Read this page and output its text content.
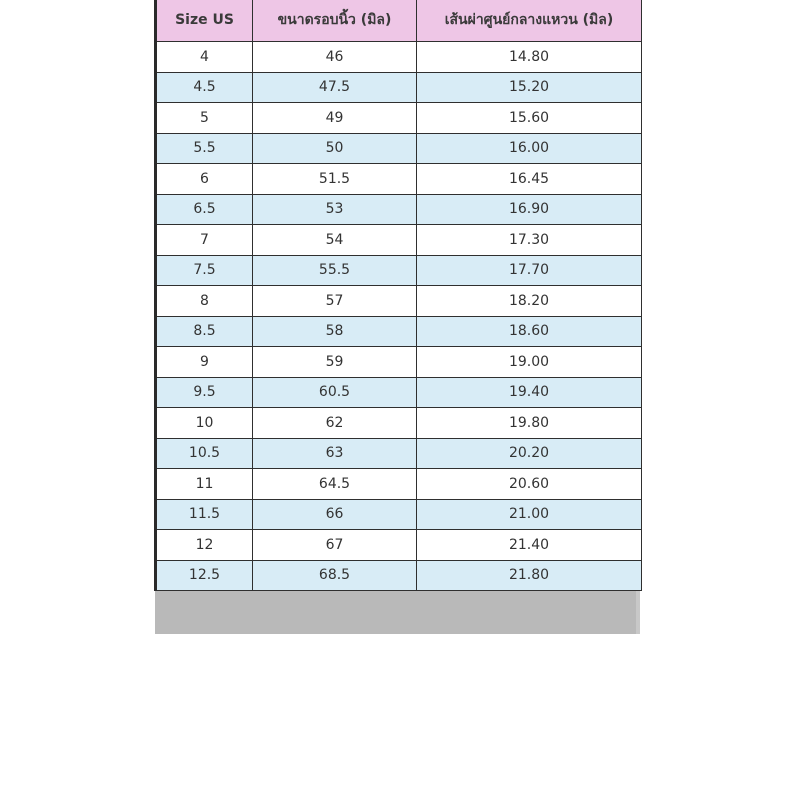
Size US	ขนาดรอบนิ้ว (มิล)	เส้นผ่าศูนย์กลางแหวน (มิล)
4	46	14.80
4.5	47.5	15.20
5	49	15.60
5.5	50	16.00
6	51.5	16.45
6.5	53	16.90
7	54	17.30
7.5	55.5	17.70
8	57	18.20
8.5	58	18.60
9	59	19.00
9.5	60.5	19.40
10	62	19.80
10.5	63	20.20
11	64.5	20.60
11.5	66	21.00
12	67	21.40
12.5	68.5	21.80
